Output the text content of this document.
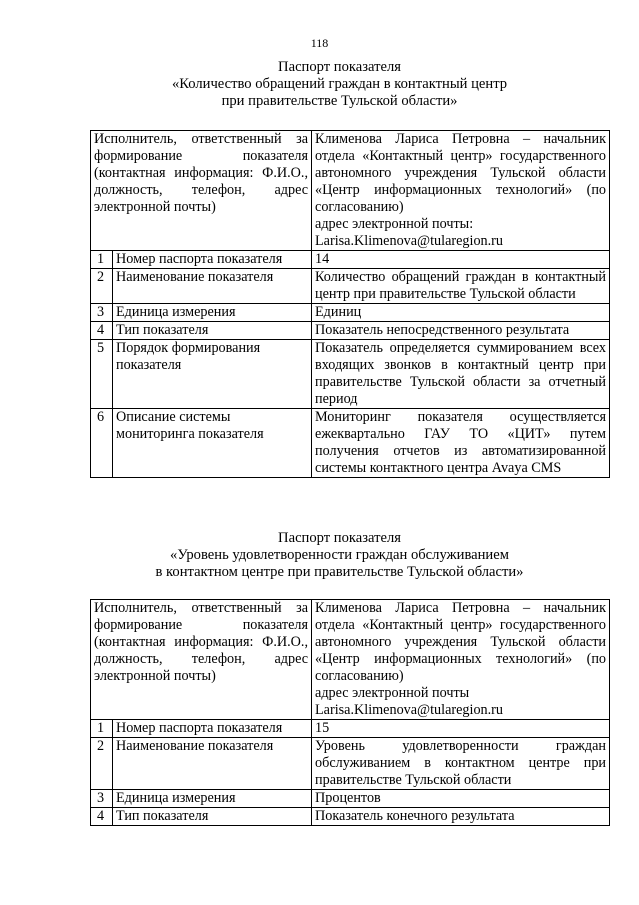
118
Паспорт показателя
«Количество обращений граждан в контактный центр
при правительстве Тульской области»
Исполнитель, ответственный за формирование показателя (контактная информация: Ф.И.О., должность, телефон, адрес электронной почты)		Клименова Лариса Петровна – начальник отдела «Контактный центр» государственного автономного учреждения Тульской области «Центр информационных технологий» (по согласованию)
адрес электронной почты:
Larisa.Klimenova@tularegion.ru

1	Номер паспорта показателя	14
2	Наименование показателя	Количество обращений граждан в контактный центр при правительстве Тульской области
3	Единица измерения	Единиц
4	Тип показателя	Показатель непосредственного результата
5	Порядок формирования показателя	Показатель определяется суммированием всех входящих звонков в контактный центр при правительстве Тульской области за отчетный период
6	Описание системы мониторинга показателя	Мониторинг показателя осуществляется ежеквартально ГАУ ТО «ЦИТ» путем получения отчетов из автоматизированной системы контактного центра Avaya CMS
Паспорт показателя
«Уровень удовлетворенности граждан обслуживанием
в контактном центре при правительстве Тульской области»
Исполнитель, ответственный за формирование показателя (контактная информация: Ф.И.О., должность, телефон, адрес электронной почты)		Клименова Лариса Петровна – начальник отдела «Контактный центр» государственного автономного учреждения Тульской области «Центр информационных технологий» (по согласованию)
адрес электронной почты
Larisa.Klimenova@tularegion.ru

1	Номер паспорта показателя	15
2	Наименование показателя	Уровень удовлетворенности граждан обслуживанием в контактном центре при правительстве Тульской области
3	Единица измерения	Процентов
4	Тип показателя	Показатель конечного результата
